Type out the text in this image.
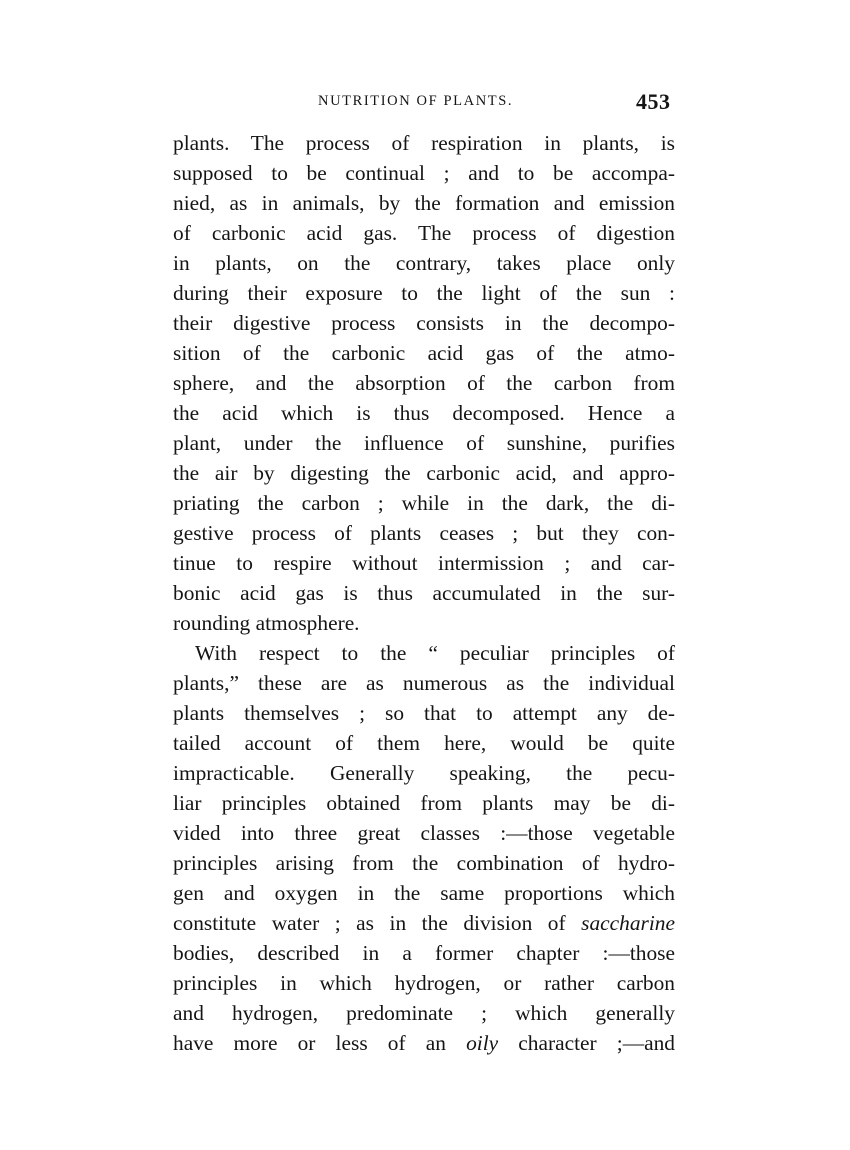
NUTRITION OF PLANTS.	453
plants. The process of respiration in plants, is
supposed to be continual ; and to be accompa-
nied, as in animals, by the formation and emission
of carbonic acid gas. The process of digestion
in plants, on the contrary, takes place only
during their exposure to the light of the sun :
their digestive process consists in the decompo-
sition of the carbonic acid gas of the atmo-
sphere, and the absorption of the carbon from
the acid which is thus decomposed. Hence a
plant, under the influence of sunshine, purifies
the air by digesting the carbonic acid, and appro-
priating the carbon ; while in the dark, the di-
gestive process of plants ceases ; but they con-
tinue to respire without intermission ; and car-
bonic acid gas is thus accumulated in the sur-
rounding atmosphere.
With respect to the “ peculiar principles of
plants,” these are as numerous as the individual
plants themselves ; so that to attempt any de-
tailed account of them here, would be quite
impracticable. Generally speaking, the pecu-
liar principles obtained from plants may be di-
vided into three great classes :—those vegetable
principles arising from the combination of hydro-
gen and oxygen in the same proportions which
constitute water ; as in the division of saccharine
bodies, described in a former chapter :—those
principles in which hydrogen, or rather carbon
and hydrogen, predominate ; which generally
have more or less of an oily character ;—and
